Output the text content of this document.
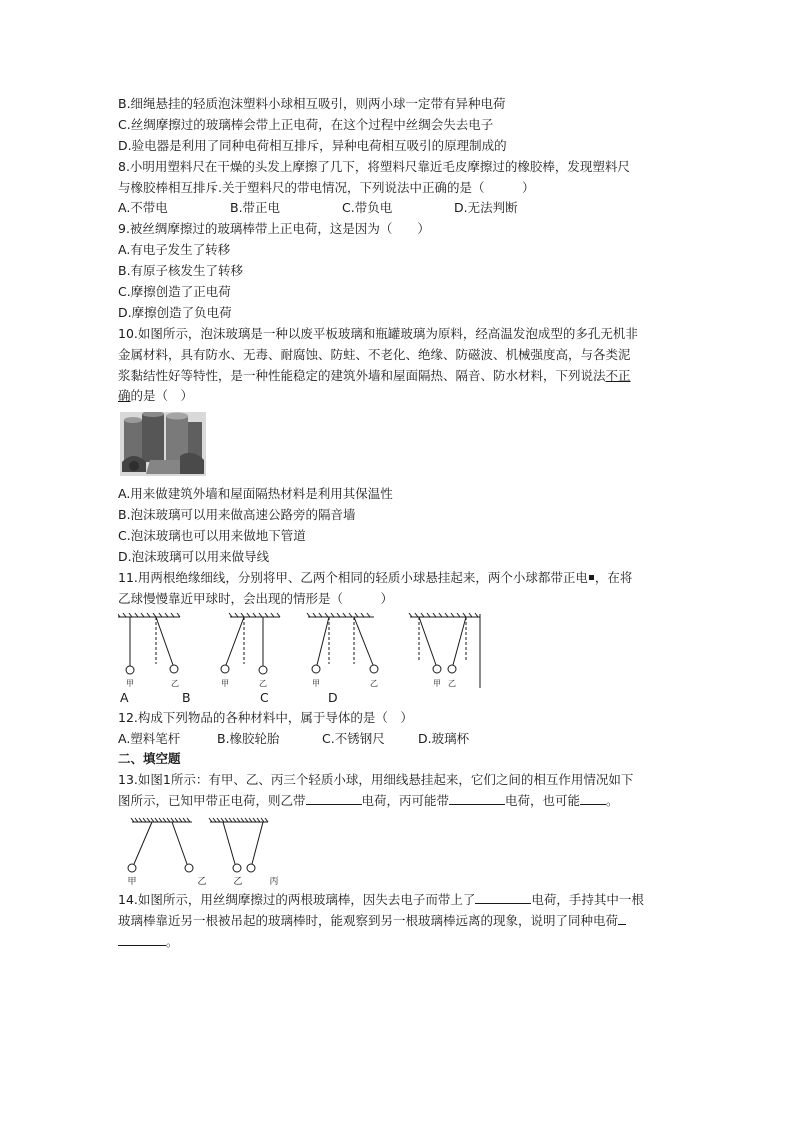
B.细绳悬挂的轻质泡沫塑料小球相互吸引，则两小球一定带有异种电荷
C.丝绸摩擦过的玻璃棒会带上正电荷，在这个过程中丝绸会失去电子
D.验电器是利用了同种电荷相互排斥，异种电荷相互吸引的原理制成的
8.小明用塑料尺在干燥的头发上摩擦了几下，将塑料尺靠近毛皮摩擦过的橡胶棒，发现塑料尺
与橡胶棒相互排斥.关于塑料尺的带电情况，下列说法中正确的是（　　　）
A.不带电	B.带正电	C.带负电	D.无法判断
9.被丝绸摩擦过的玻璃棒带上正电荷，这是因为（　　）
A.有电子发生了转移
B.有原子核发生了转移
C.摩擦创造了正电荷
D.摩擦创造了负电荷
10.如图所示，泡沫玻璃是一种以废平板玻璃和瓶罐玻璃为原料，经高温发泡成型的多孔无机非
金属材料，具有防水、无毒、耐腐蚀、防蛀、不老化、绝缘、防磁波、机械强度高，与各类泥
浆黏结性好等特性，是一种性能稳定的建筑外墙和屋面隔热、隔音、防水材料，下列说法不正
确的是（　）
A.用来做建筑外墙和屋面隔热材料是利用其保温性
B.泡沫玻璃可以用来做高速公路旁的隔音墙
C.泡沫玻璃也可以用来做地下管道
D.泡沫玻璃可以用来做导线
11.用两根绝缘细线，分别将甲、乙两个相同的轻质小球悬挂起来，两个小球都带正电 ，在将
乙球慢慢靠近甲球时，会出现的情形是（　　　）
甲	乙	甲	乙	甲	乙	甲 乙
A	B	C	D
12.构成下列物品的各种材料中，属于导体的是（　）
A.塑料笔杆	B.橡胶轮胎	C.不锈钢尺	D.玻璃杯
二、填空题
13.如图1所示：有甲、乙、丙三个轻质小球，用细线悬挂起来，它们之间的相互作用情况如下
图所示，已知甲带正电荷，则乙带	电荷，丙可能带	电荷，也可能 。
甲	乙	乙	丙
14.如图所示，用丝绸摩擦过的两根玻璃棒，因失去电子而带上了	电荷，手持其中一根
玻璃棒靠近另一根被吊起的玻璃棒时，能观察到另一根玻璃棒远离的现象，说明了同种电荷
。
